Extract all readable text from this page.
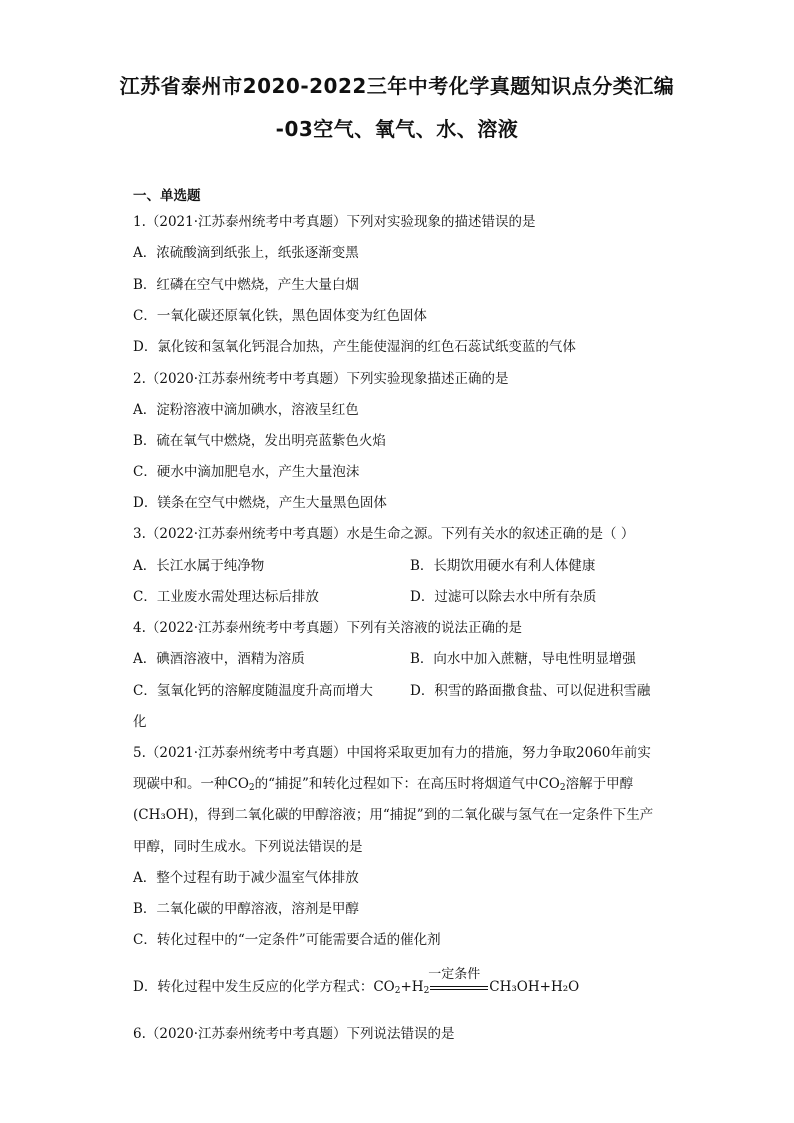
江苏省泰州市2020-2022三年中考化学真题知识点分类汇编
-03空气、氧气、水、溶液
一、单选题
1.（2021·江苏泰州统考中考真题）下列对实验现象的描述错误的是
A．浓硫酸滴到纸张上，纸张逐渐变黑
B．红磷在空气中燃烧，产生大量白烟
C．一氧化碳还原氧化铁，黑色固体变为红色固体
D．氯化铵和氢氧化钙混合加热，产生能使湿润的红色石蕊试纸变蓝的气体
2.（2020·江苏泰州统考中考真题）下列实验现象描述正确的是
A．淀粉溶液中滴加碘水，溶液呈红色
B．硫在氧气中燃烧，发出明亮蓝紫色火焰
C．硬水中滴加肥皂水，产生大量泡沫
D．镁条在空气中燃烧，产生大量黑色固体
3.（2022·江苏泰州统考中考真题）水是生命之源。下列有关水的叙述正确的是（ ）
A．长江水属于纯净物	B．长期饮用硬水有利人体健康
C．工业废水需处理达标后排放	D．过滤可以除去水中所有杂质
4.（2022·江苏泰州统考中考真题）下列有关溶液的说法正确的是
A．碘酒溶液中，酒精为溶质	B．向水中加入蔗糖，导电性明显增强
C．氢氧化钙的溶解度随温度升高而增大	D．积雪的路面撒食盐、可以促进积雪融
化
5.（2021·江苏泰州统考中考真题）中国将采取更加有力的措施，努力争取2060年前实
现碳中和。一种$CO_2$的“捕捉”和转化过程如下：在高压时将烟道气中$CO_2$溶解于甲醇
(CH₃OH)，得到二氧化碳的甲醇溶液；用“捕捉”到的二氧化碳与氢气在一定条件下生产
甲醇，同时生成水。下列说法错误的是
A．整个过程有助于减少温室气体排放
B．二氧化碳的甲醇溶液，溶剂是甲醇
C．转化过程中的“一定条件”可能需要合适的催化剂
D．转化过程中发生反应的化学方程式：$CO_2+H_2$
一定条件
CH₃OH+H₂O
6.（2020·江苏泰州统考中考真题）下列说法错误的是
